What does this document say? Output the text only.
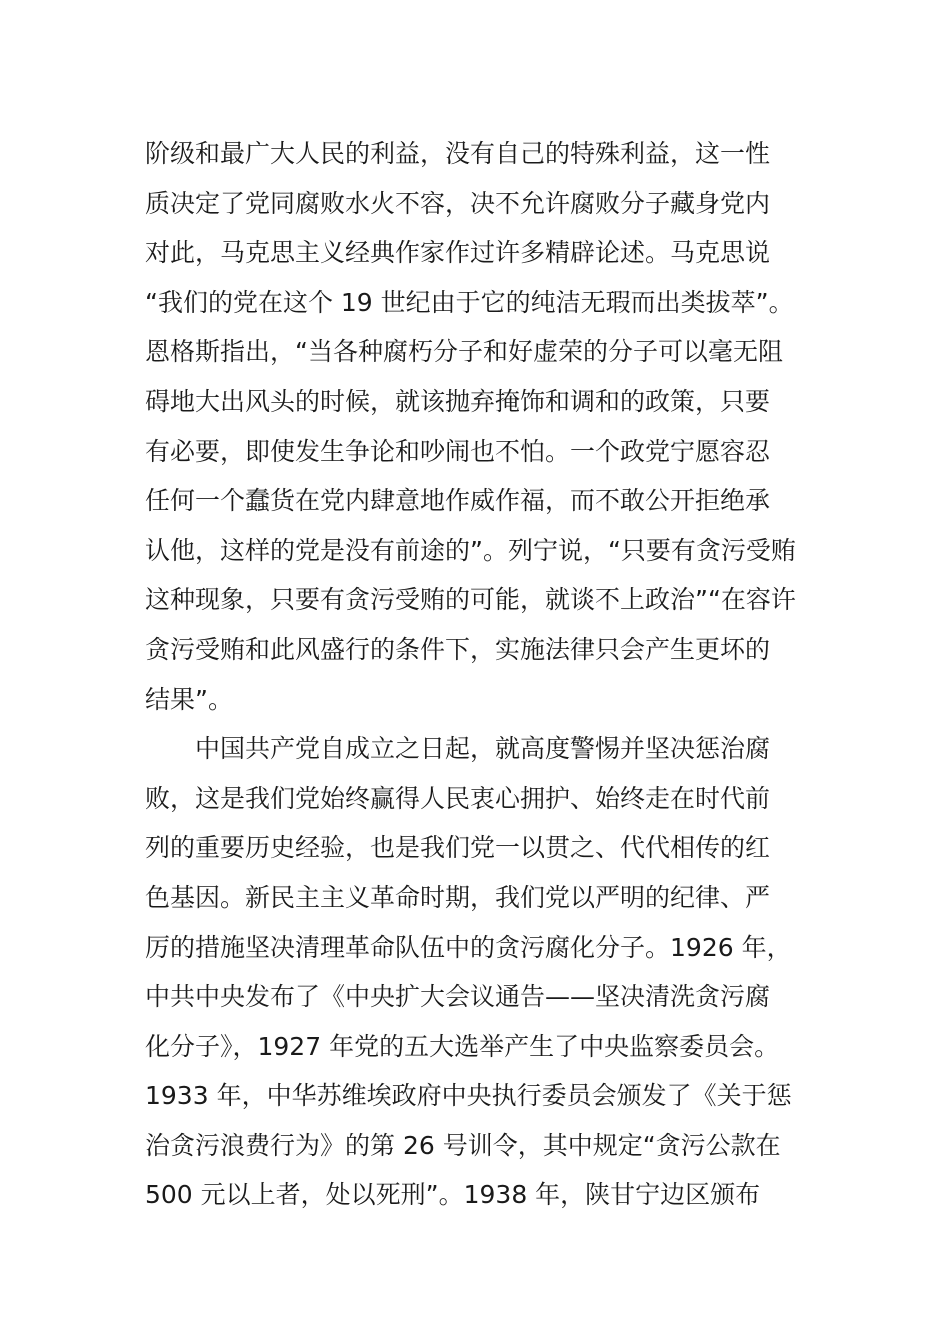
阶级和最广大人民的利益，没有自己的特殊利益，这一性
质决定了党同腐败水火不容，决不允许腐败分子藏身党内
对此，马克思主义经典作家作过许多精辟论述。马克思说
“我们的党在这个 19 世纪由于它的纯洁无瑕而出类拔萃”。
恩格斯指出，“当各种腐朽分子和好虚荣的分子可以毫无阻
碍地大出风头的时候，就该抛弃掩饰和调和的政策，只要
有必要，即使发生争论和吵闹也不怕。一个政党宁愿容忍
任何一个蠢货在党内肆意地作威作福，而不敢公开拒绝承
认他，这样的党是没有前途的”。列宁说，“只要有贪污受贿
这种现象，只要有贪污受贿的可能，就谈不上政治”“在容许
贪污受贿和此风盛行的条件下，实施法律只会产生更坏的
结果”。
中国共产党自成立之日起，就高度警惕并坚决惩治腐
败，这是我们党始终赢得人民衷心拥护、始终走在时代前
列的重要历史经验，也是我们党一以贯之、代代相传的红
色基因。新民主主义革命时期，我们党以严明的纪律、严
厉的措施坚决清理革命队伍中的贪污腐化分子。1926 年，
中共中央发布了《中央扩大会议通告——坚决清洗贪污腐
化分子》，1927 年党的五大选举产生了中央监察委员会。
1933 年，中华苏维埃政府中央执行委员会颁发了《关于惩
治贪污浪费行为》的第 26 号训令，其中规定“贪污公款在
500 元以上者，处以死刑”。1938 年，陕甘宁边区颁布
